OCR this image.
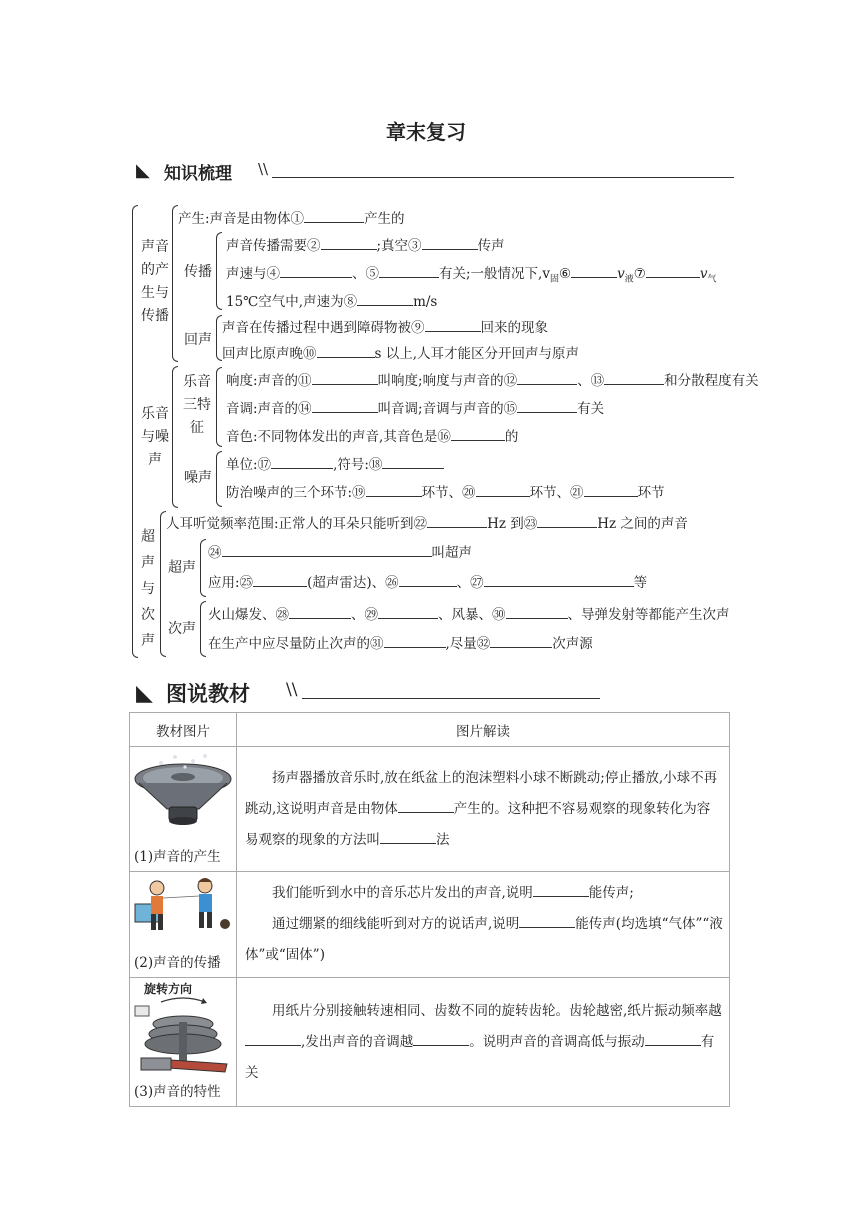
章末复习
◣ 知识梳理 \\
声音的产生与传播
产生:声音是由物体①	产生的
传播
声音传播需要②	;真空③	传声
声速与④	、⑤	有关;一般情况下$,v_固⑥$	$v_液⑦$	$v_气$
15℃空气中,声速为⑧	m/s
回声
声音在传播过程中遇到障碍物被⑨	回来的现象
回声比原声晚⑩	s 以上,人耳才能区分开回声与原声
乐音与噪声
乐音三特征
响度:声音的⑪	叫响度;响度与声音的⑫	、⑬	和分散程度有关
音调:声音的⑭	叫音调;音调与声音的⑮	有关
音色:不同物体发出的声音,其音色是⑯	的
噪声
单位:⑰	,符号:⑱
防治噪声的三个环节:⑲	环节、⑳	环节、㉑	环节
超声与次声
人耳听觉频率范围:正常人的耳朵只能听到㉒	Hz 到㉓	Hz 之间的声音
超声
㉔	叫超声
应用:㉕	(超声雷达)、㉖	、㉗	等
次声
火山爆发、㉘	、㉙	、风暴、㉚	、导弹发射等都能产生次声
在生产中应尽量防止次声的㉛	,尽量㉜	次声源
◣ 图说教材 \\
教材图片	图片解读

(1)声音的产生	扬声器播放音乐时,放在纸盆上的泡沫塑料小球不断跳动;停止播放,小球不再跳动,这说明声音是由物体 产生的。这种把不容易观察的现象转化为容易观察的现象的方法叫 法

(2)声音的传播	我们能听到水中的音乐芯片发出的声音,说明 能传声;
通过绷紧的细线能听到对方的说话声,说明 能传声(均选填“气体”“液体”或“固体”)

旋转方向
(3)声音的特性	用纸片分别接触转速相同、齿数不同的旋转齿轮。齿轮越密,纸片振动频率越,发出声音的音调越 。说明声音的音调高低与振动 有关
